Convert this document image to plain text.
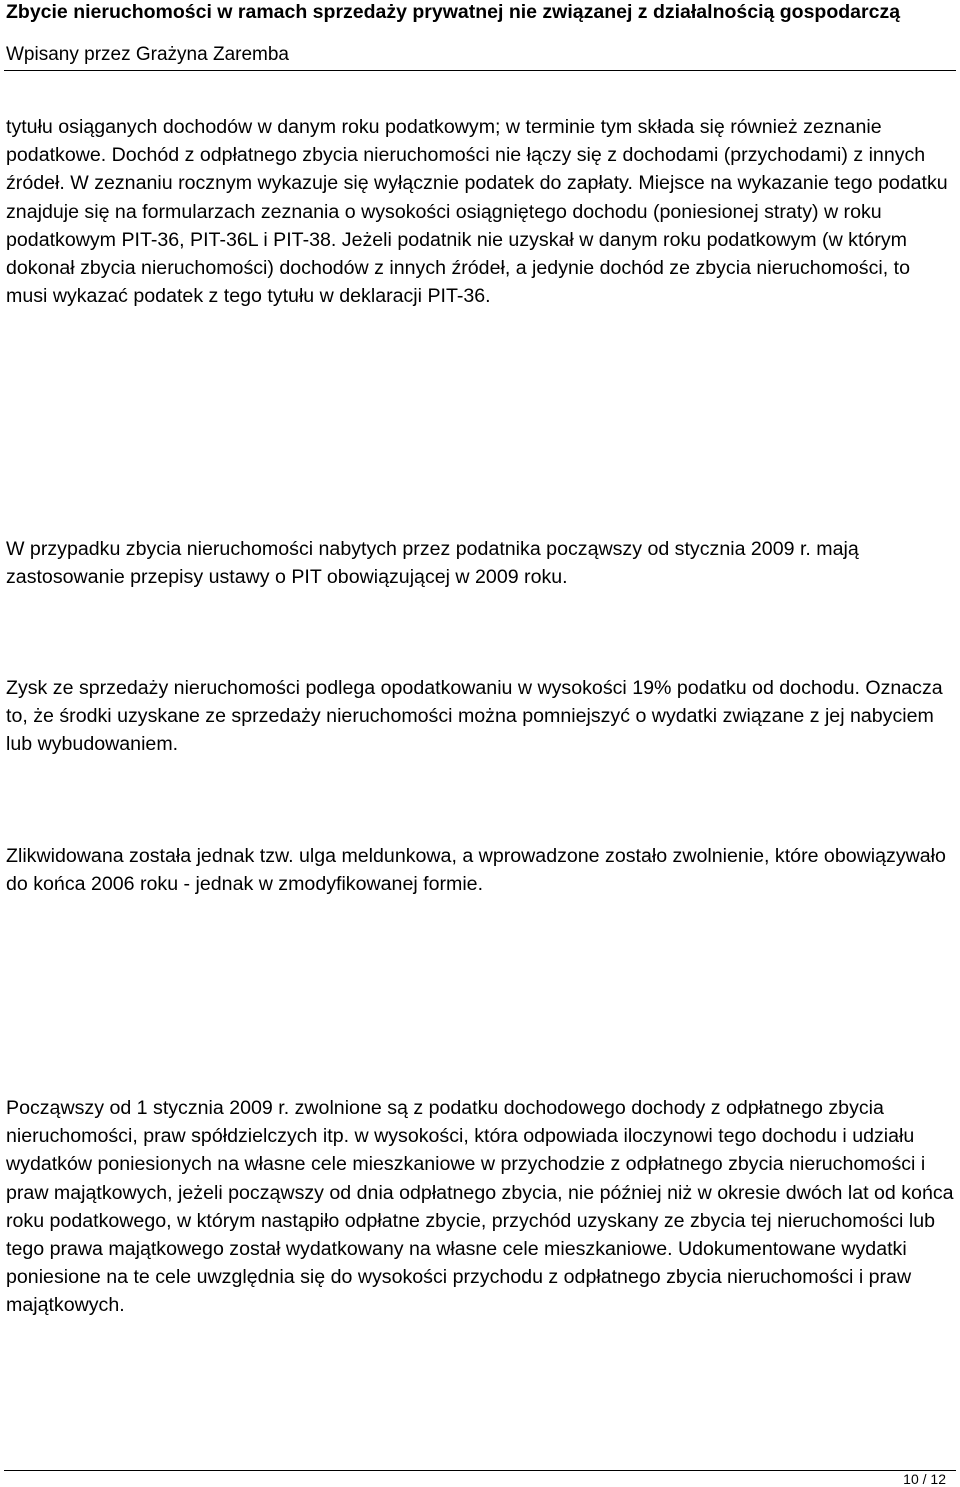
Zbycie nieruchomości w ramach sprzedaży prywatnej nie związanej z działalnością gospodarczą
Wpisany przez Grażyna Zaremba

tytułu osiąganych dochodów w danym roku podatkowym; w terminie tym składa się również zeznanie podatkowe. Dochód z odpłatnego zbycia nieruchomości nie łączy się z dochodami (przychodami) z innych źródeł. W zeznaniu rocznym wykazuje się wyłącznie podatek do zapłaty. Miejsce na wykazanie tego podatku znajduje się na formularzach zeznania o wysokości osiągniętego dochodu (poniesionej straty) w roku podatkowym PIT-36, PIT-36L i PIT-38. Jeżeli podatnik nie uzyskał w danym roku podatkowym (w którym dokonał zbycia nieruchomości) dochodów z innych źródeł, a jedynie dochód ze zbycia nieruchomości, to musi wykazać podatek z tego tytułu w deklaracji PIT-36.

W przypadku zbycia nieruchomości nabytych przez podatnika począwszy od stycznia 2009 r. mają zastosowanie przepisy ustawy o PIT obowiązującej w 2009 roku.

Zysk ze sprzedaży nieruchomości podlega opodatkowaniu w wysokości 19% podatku od dochodu. Oznacza to, że środki uzyskane ze sprzedaży nieruchomości można pomniejszyć o wydatki związane z jej nabyciem lub wybudowaniem.

Zlikwidowana została jednak tzw. ulga meldunkowa, a wprowadzone zostało zwolnienie, które obowiązywało do końca 2006 roku - jednak w zmodyfikowanej formie.

Począwszy od 1 stycznia 2009 r. zwolnione są z podatku dochodowego dochody z odpłatnego zbycia nieruchomości, praw spółdzielczych itp. w wysokości, która odpowiada iloczynowi tego dochodu i udziału wydatków poniesionych na własne cele mieszkaniowe w przychodzie z odpłatnego zbycia nieruchomości i praw majątkowych, jeżeli począwszy od dnia odpłatnego zbycia, nie później niż w okresie dwóch lat od końca roku podatkowego, w którym nastąpiło odpłatne zbycie, przychód uzyskany ze zbycia tej nieruchomości lub tego prawa majątkowego został wydatkowany na własne cele mieszkaniowe. Udokumentowane wydatki poniesione na te cele uwzględnia się do wysokości przychodu z odpłatnego zbycia nieruchomości i praw majątkowych.

10 / 12
